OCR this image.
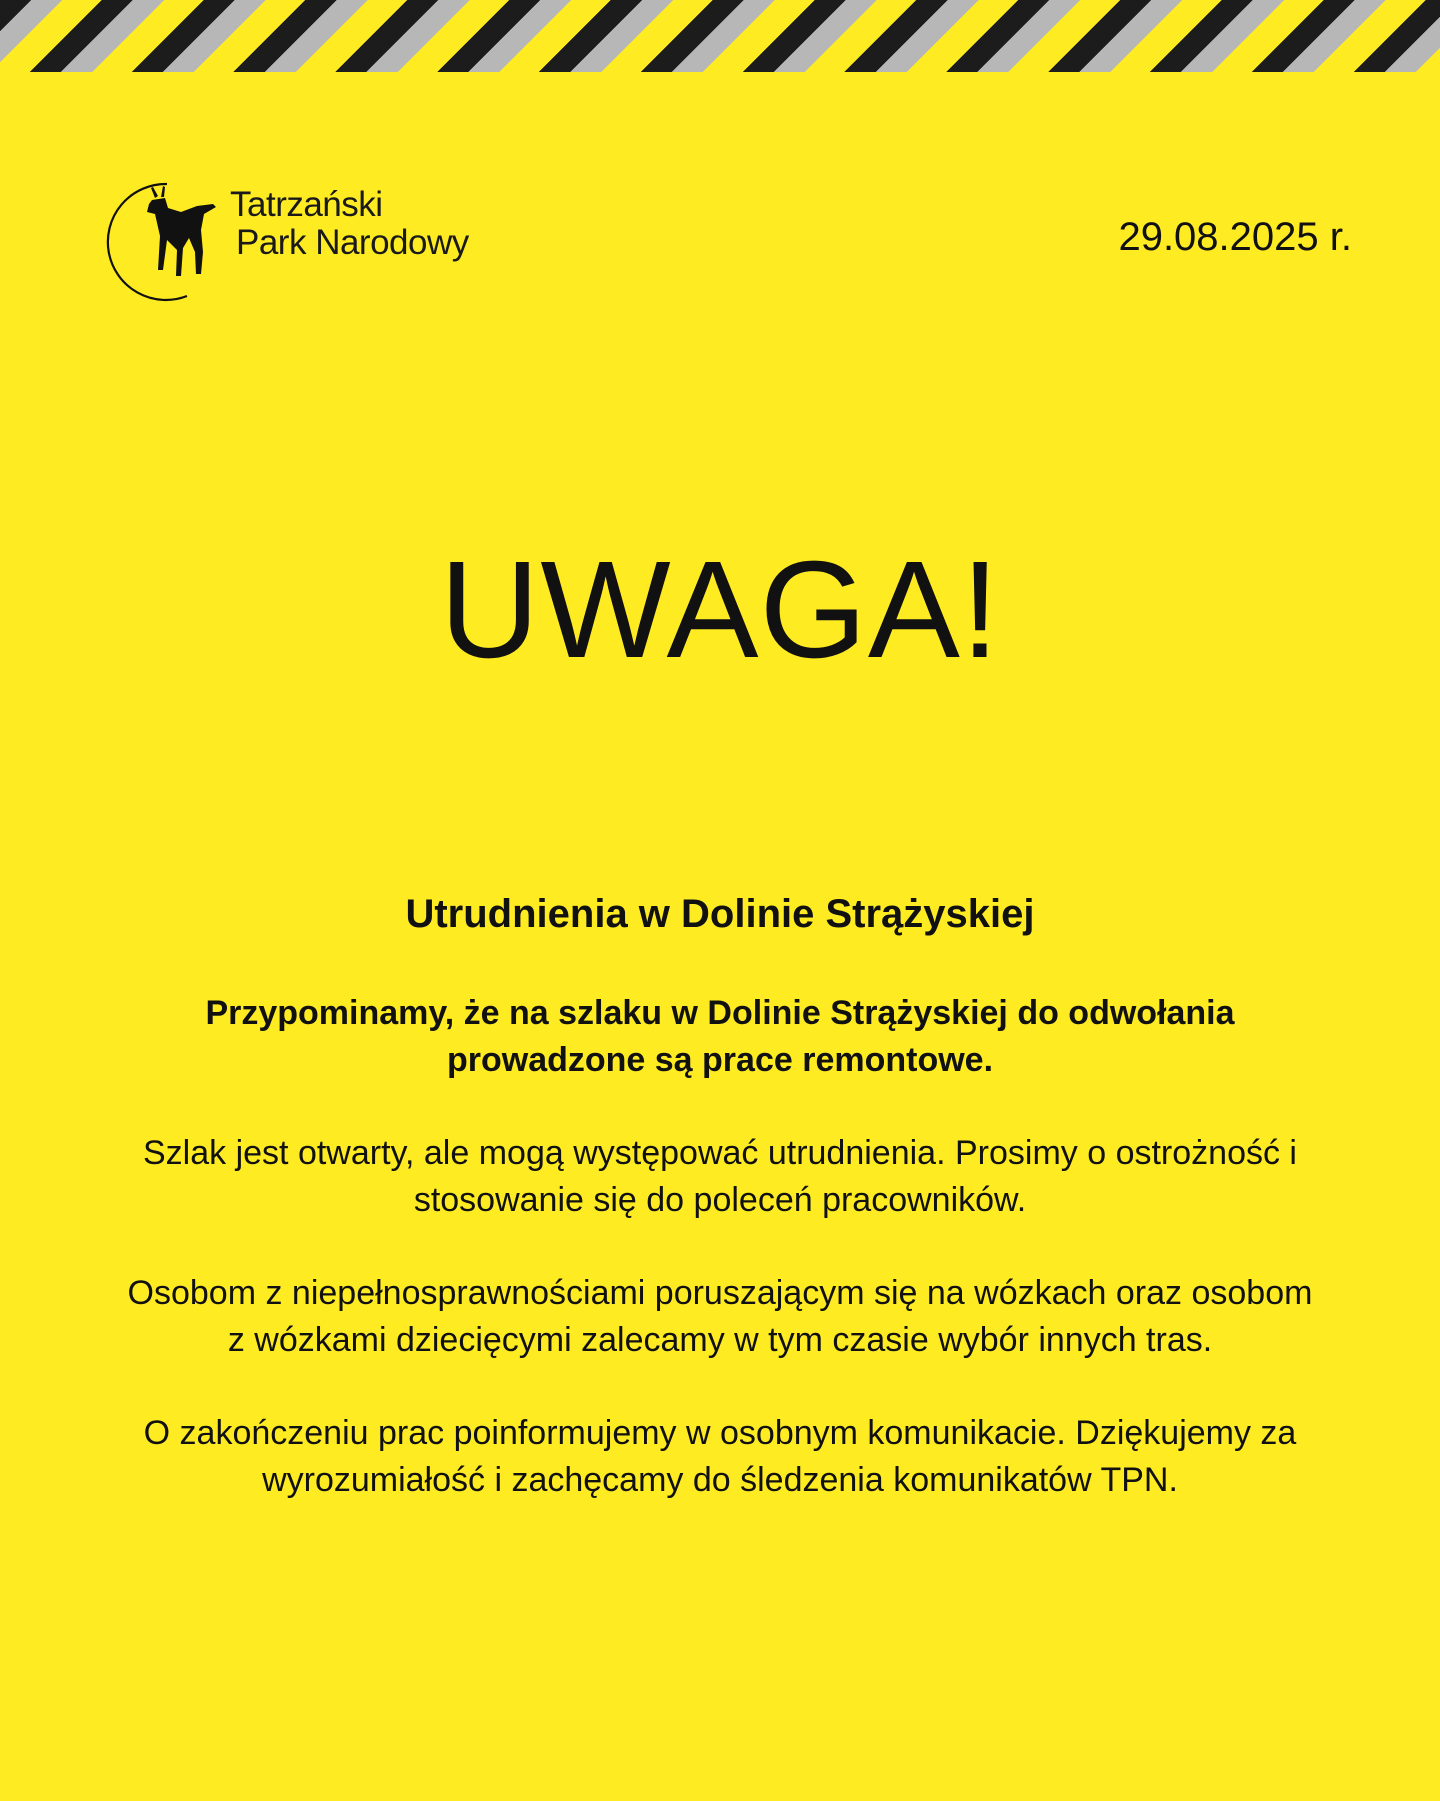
Tatrzański
Park Narodowy	29.08.2025 r.
UWAGA!
Utrudnienia w Dolinie Strążyskiej

Przypominamy, że na szlaku w Dolinie Strążyskiej do odwołania prowadzone są prace remontowe.

Szlak jest otwarty, ale mogą występować utrudnienia. Prosimy o ostrożność i stosowanie się do poleceń pracowników.

Osobom z niepełnosprawnościami poruszającym się na wózkach oraz osobom z wózkami dziecięcymi zalecamy w tym czasie wybór innych tras.

O zakończeniu prac poinformujemy w osobnym komunikacie. Dziękujemy za wyrozumiałość i zachęcamy do śledzenia komunikatów TPN.
